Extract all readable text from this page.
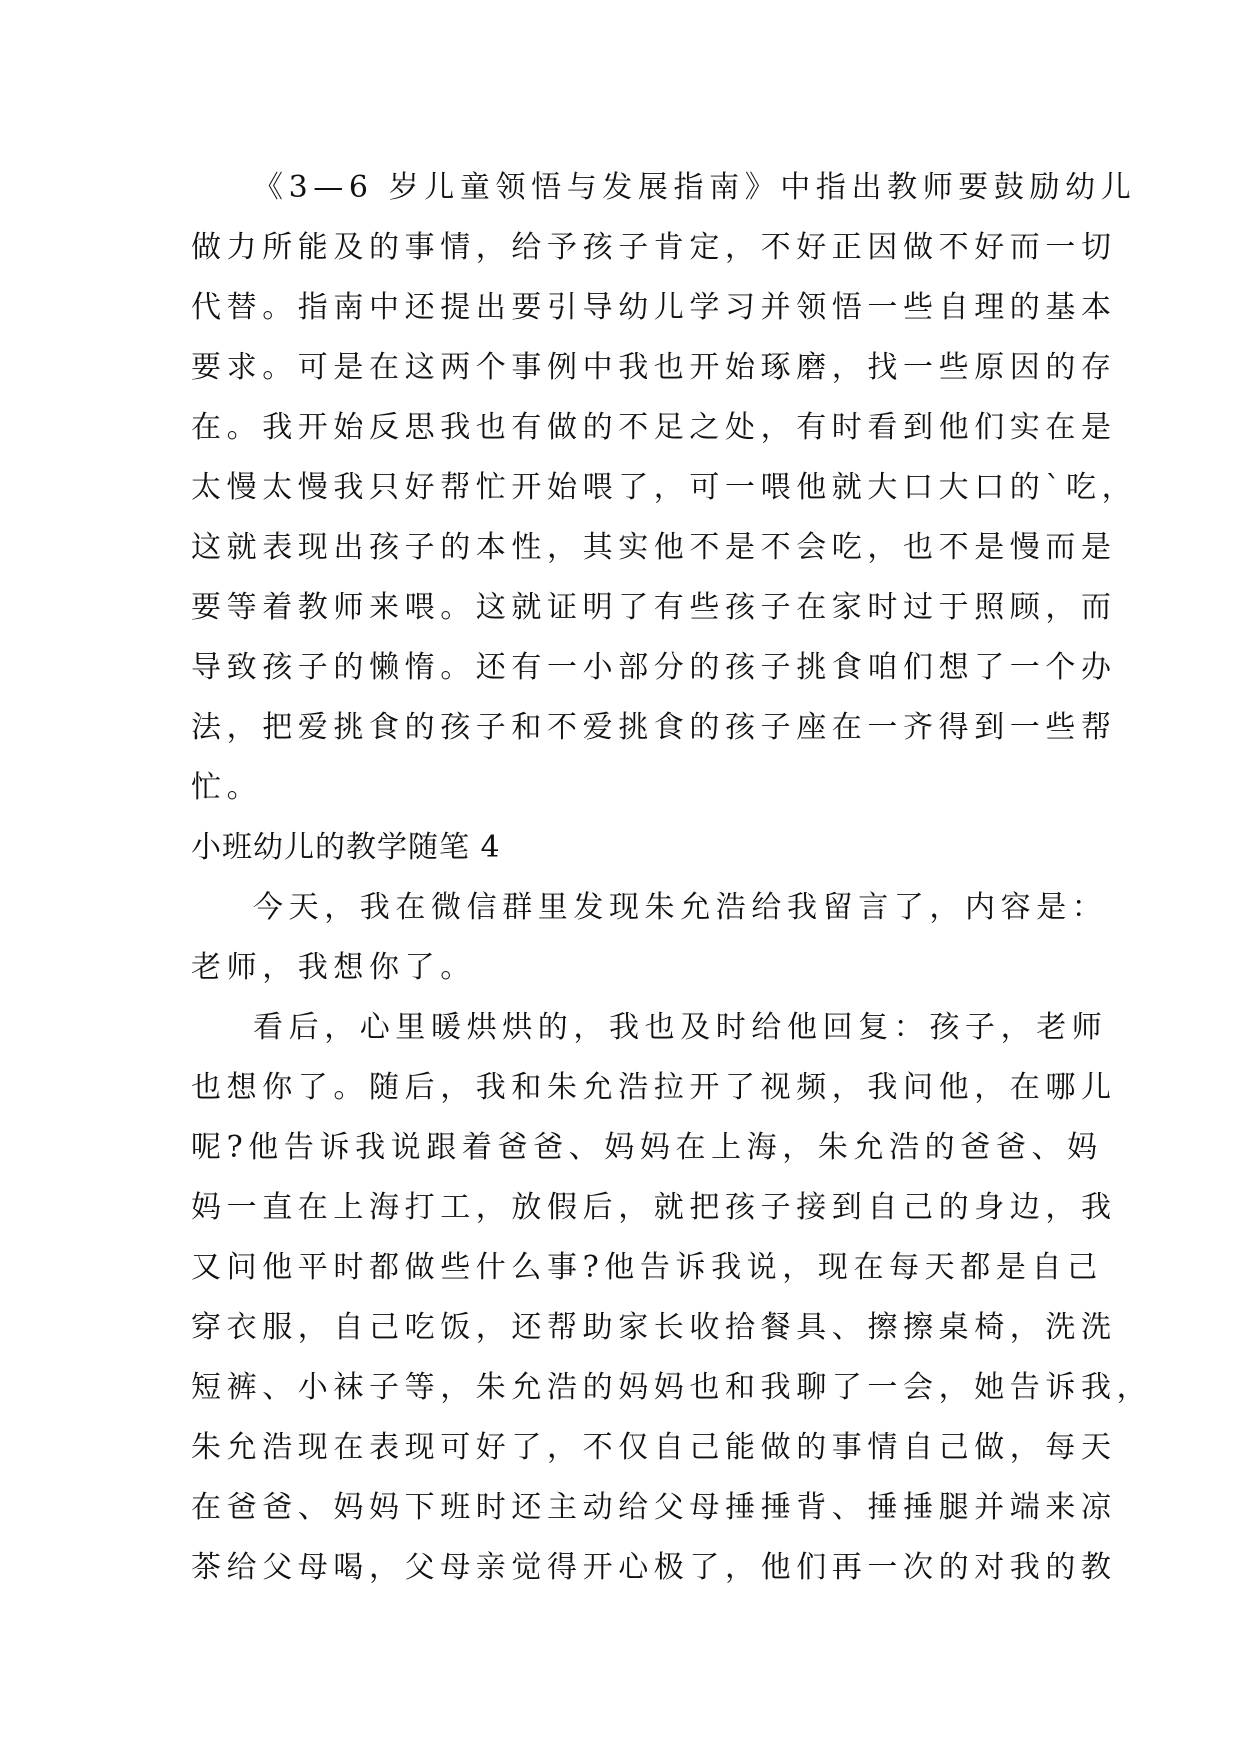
《3—6 岁儿童领悟与发展指南》中指出教师要鼓励幼儿
做力所能及的事情，给予孩子肯定，不好正因做不好而一切
代替。指南中还提出要引导幼儿学习并领悟一些自理的基本
要求。可是在这两个事例中我也开始琢磨，找一些原因的存
在。我开始反思我也有做的不足之处，有时看到他们实在是
太慢太慢我只好帮忙开始喂了，可一喂他就大口大口的`吃，
这就表现出孩子的本性，其实他不是不会吃，也不是慢而是
要等着教师来喂。这就证明了有些孩子在家时过于照顾，而
导致孩子的懒惰。还有一小部分的孩子挑食咱们想了一个办
法，把爱挑食的孩子和不爱挑食的孩子座在一齐得到一些帮
忙。
小班幼儿的教学随笔 4
今天，我在微信群里发现朱允浩给我留言了，内容是：
老师，我想你了。
看后，心里暖烘烘的，我也及时给他回复：孩子，老师
也想你了。随后，我和朱允浩拉开了视频，我问他，在哪儿
呢?他告诉我说跟着爸爸、妈妈在上海，朱允浩的爸爸、妈
妈一直在上海打工，放假后，就把孩子接到自己的身边，我
又问他平时都做些什么事?他告诉我说，现在每天都是自己
穿衣服，自己吃饭，还帮助家长收拾餐具、擦擦桌椅，洗洗
短裤、小袜子等，朱允浩的妈妈也和我聊了一会，她告诉我，
朱允浩现在表现可好了，不仅自己能做的事情自己做，每天
在爸爸、妈妈下班时还主动给父母捶捶背、捶捶腿并端来凉
茶给父母喝，父母亲觉得开心极了，他们再一次的对我的教
